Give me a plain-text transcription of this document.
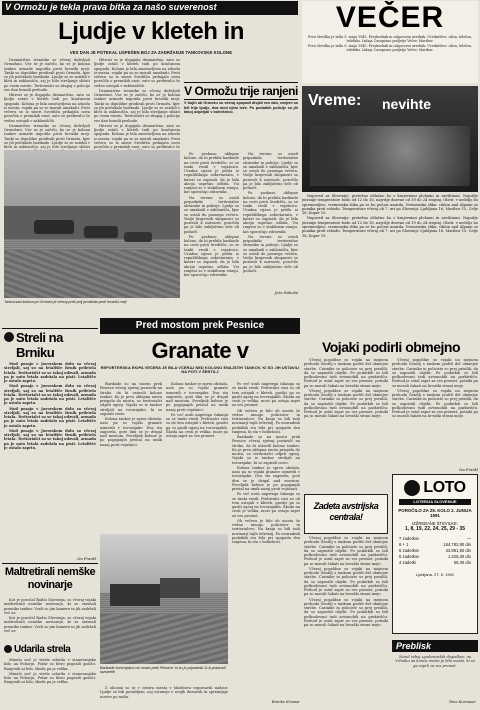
V Ormožu je tekla prava bitka za našo suverenost
Ljudje v kleteh in
VES DAN JE POTEKAL USPEŠEN BOJ ZA ZADRŽANJE TANKOVSKE KOLONE

Dramatične trenutke so včeraj doživljali Ormožani. Vse se je začelo, ko se je kolona tankov armade napotila proti hrvaški meji. Tanki so dopoldne prodirali proti Ormožu, kjer so jih pričakale barikade. Ljudje so se zatekli v kleti in zaklonišča, saj je bilo streljanje slišati po vsem mestu. Teritorialci so skupaj s policijo ves dan branili prehode.

Hitrost se je dogajala dramatično, zato so ljudje ostali v kleteh tudi po končanem spopadu. Kolona je bila zaustavljena na izhodu iz mesta, vojaki pa so se morali umakniti. Proti večeru so iz smeri Središča prihajala nova poročila o premikih enot, zato so prebivalci še vedno ostajali v zakloniščih.

Dramatične trenutke so včeraj doživljali Ormožani. Vse se je začelo, ko se je kolona tankov armade napotila proti hrvaški meji. Tanki so dopoldne prodirali proti Ormožu, kjer so jih pričakale barikade. Ljudje so se zatekli v kleti in zaklonišča, saj je bilo streljanje slišati

Hitrost se je dogajala dramatično, zato so ljudje ostali v kleteh tudi po končanem spopadu. Kolona je bila zaustavljena na izhodu iz mesta, vojaki pa so se morali umakniti. Proti večeru so iz smeri Središča prihajala nova poročila o premikih enot, zato so prebivalci še vedno ostajali v zakloniščih.

Dramatične trenutke so včeraj doživljali Ormožani. Vse se je začelo, ko se je kolona tankov armade napotila proti hrvaški meji. Tanki so dopoldne prodirali proti Ormožu, kjer so jih pričakale barikade. Ljudje so se zatekli v kleti in zaklonišča, saj je bilo streljanje slišati po vsem mestu. Teritorialci so skupaj s policijo ves dan branili prehode.

Hitrost se je dogajala dramatično, zato so ljudje ostali v kleteh tudi po končanem spopadu. Kolona je bila zaustavljena na izhodu iz mesta, vojaki pa so se morali umakniti. Proti večeru so iz smeri Središča prihajala nova poročila o premikih enot, zato so prebivalci še

V Ormožu trije ranjeni
V bojih ob Ormožu so včeraj spopadi divjali ves dan, ranjeni so bili trije ljudje, dva med njimi teže. Po podatkih policije so jih takoj odpeljali v bolnišnico.

Po poskusu oklepne kolone, da bi prebila barikade na cesti proti Središču, so se tanki vrnili v vojašnico. Uradna izjava je prišla iz republiškega sekretariata, v kateri so zapisali, da je bila akcija uspešno odbita. Vsi ranjeni so v stabilnem stanju, kot sporočajo zdravniki.

Na terenu so ostali pripadniki teritorialne obrambe in policije. Ljudje so se umaknili v zaklonišča, kjer so ostali do poznega večera. Vodje krajevnih skupnosti so pozivali k mirnosti, poročilo pa je bilo zaključeno šele ob polnoči.

Po poskusu oklepne kolone, da bi prebila barikade na cesti proti Središču, so se tanki vrnili v vojašnico. Uradna izjava je prišla iz republiškega sekretariata, v kateri so zapisali, da je bila akcija uspešno odbita. Vsi ranjeni so v stabilnem stanju, kot sporočajo zdravniki.

Na terenu so ostali pripadniki teritorialne obrambe in policije. Ljudje so se umaknili v zaklonišča, kjer so ostali do poznega večera. Vodje krajevnih skupnosti so pozivali k mirnosti, poročilo pa je bilo zaključeno šele ob polnoči.

Po poskusu oklepne kolone, da bi prebila barikade na cesti proti Središču, so se tanki vrnili v vojašnico. Uradna izjava je prišla iz republiškega sekretariata, v kateri so zapisali, da je bila akcija uspešno odbita. Vsi ranjeni so v stabilnem stanju, kot sporočajo zdravniki.

Na terenu so ostali pripadniki teritorialne obrambe in policije. Ljudje so se umaknili v zaklonišča, kjer so ostali do poznega večera. Vodje krajevnih skupnosti so pozivali k mirnosti, poročilo pa je bilo zaključeno šele ob polnoči.

Jože Rakuša
Tankovska kolona pri Ormožu je včeraj prek polj prodirala proti hrvaški meji
VEČER

Prva številka je izšla 9. maja 1945. Predsednik in odgovorni urednik. Uredništvo: ulica, telefon, telefaks. Izdaja Časopisno podjetje Večer, Maribor.

Prva številka je izšla 9. maja 1945. Predsednik in odgovorni urednik. Uredništvo: ulica, telefon, telefaks. Izdaja Časopisno podjetje Večer, Maribor.

Vreme: nevihte

Napoved za Slovenijo: pretežno oblačno bo s krajevnimi plohami in nevihtami. Najnižje jutranje temperature bodo od 12 do 16, najvišje dnevne od 19 do 24 stopinj. Obeti: v nedeljo bo spremenljivo, vremenska slika pa se bo počasi umirila. Vremenska slika: ciklon nad Alpami se pomika proti vzhodu. Temperature včeraj ob 7. uri po Sloveniji: Ljubljana 16, Maribor 15, Celje 16, Koper 19.

Napoved za Slovenijo: pretežno oblačno bo s krajevnimi plohami in nevihtami. Najnižje jutranje temperature bodo od 12 do 16, najvišje dnevne od 19 do 24 stopinj. Obeti: v nedeljo bo spremenljivo, vremenska slika pa se bo počasi umirila. Vremenska slika: ciklon nad Alpami se pomika proti vzhodu. Temperature včeraj ob 7. uri po Sloveniji: Ljubljana 16, Maribor 15, Celje 16, Koper 19.

Streli na Brniku

Mod posajo v Jurovskem dolu so včeraj streljali, saj so na letališče Brnik priletela letala. Teritorialci so se takoj odzvali, armada pa je nato letala zadržala na pisti. Letališče je ostalo zaprto.

Mod posajo v Jurovskem dolu so včeraj streljali, saj so na letališče Brnik priletela letala. Teritorialci so se takoj odzvali, armada pa je nato letala zadržala na pisti. Letališče je ostalo zaprto.

Mod posajo v Jurovskem dolu so včeraj streljali, saj so na letališče Brnik priletela letala. Teritorialci so se takoj odzvali, armada pa je nato letala zadržala na pisti. Letališče je ostalo zaprto.

Mod posajo v Jurovskem dolu so včeraj streljali, saj so na letališče Brnik priletela letala. Teritorialci so se takoj odzvali, armada pa je nato letala zadržala na pisti. Letališče je ostalo zaprto.

Ivo Frankl
Maltretirali nemške novinarje

Kot je poročal Radio Slovenija, so včeraj vojaki maltretirali nemške novinarje, ki so snemali premike tankov. Vzeli so jim kamere in jih zadržali več ur.

Kot je poročal Radio Slovenija, so včeraj vojaki maltretirali nemške novinarje, ki so snemali premike tankov. Vzeli so jim kamere in jih zadržali več ur.

Udarila strela

Minulo noč je strela udarila v stanovanjsko hišo na Pohorju. Požar so hitro pogasili gasilci. Ranjenih ni bilo, škoda pa je velika.

Minulo noč je strela udarila v stanovanjsko hišo na Pohorju. Požar so hitro pogasili gasilci. Ranjenih ni bilo, škoda pa je velika.

Pred mostom prek Pesnice
Granate v
REPORTERSKA EKIPA VEČERA JE BILA VČERAJ NED KOLONO ENAJSTIH TANKOV, KI SO JIH USTAVILI NA POTI V ŠENTILJ

Barikade so na mostu prek Pesnice včeraj zjutraj postavili na široko, da bi ustavili kolono tankov. Ko je prva oklepna enota prispela do mosta, so teritorialci odprli ogenj. Vojaki so iz tankov streljali na tovornjake, ki so zapirali cesto.

Kolona tankov je sprva obstala, nato pa so vojaki granate usmerili v tovornjake. Dva sta zagorela, gost dim se je dvigal nad mostom. Poveljnik kolone je po pogajanjih pristal na umik nazaj proti vojašnici.

Kolona tankov je sprva obstala, nato pa so vojaki granate usmerili v tovornjake. Dva sta zagorela, gost dim se je dvigal nad mostom. Poveljnik kolone je po pogajanjih pristal na umik nazaj proti vojašnici.

Po več urah napetega čakanja so se tanki vrnili. Prebivalci vasi so ob tem ostajali v kleteh, gasilci pa so gasili ogenj na tovornjakih. Škoda na cesti je velika, most pa ostaja zaprt za ves promet.

Po več urah napetega čakanja so se tanki vrnili. Prebivalci vasi so ob tem ostajali v kleteh, gasilci pa so gasili ogenj na tovornjakih. Škoda na cesti je velika, most pa ostaja zaprt za ves promet.

Ob večeru je bilo ob mostu še vedno mnogo policistov in teritorialcev. Na kraju so bili tudi novinarji tujih televizij. Po neuradnih podatkih sta bila pri spopadu dva ranjena, ki sta v bolnišnici.

Barikade so na mostu prek Pesnice včeraj zjutraj postavili na široko, da bi ustavili kolono tankov. Ko je prva oklepna enota prispela do mosta, so teritorialci odprli ogenj. Vojaki so iz tankov streljali na tovornjake, ki so zapirali cesto.

Kolona tankov je sprva obstala, nato pa so vojaki granate usmerili v tovornjake. Dva sta zagorela, gost dim se je dvigal nad mostom. Poveljnik kolone je po pogajanjih pristal na umik nazaj proti vojašnici.

Po več urah napetega čakanja so se tanki vrnili. Prebivalci vasi so ob tem ostajali v kleteh, gasilci pa so gasili ogenj na tovornjakih. Škoda na cesti je velika, most pa ostaja zaprt za ves promet.

Ob večeru je bilo ob mostu še vedno mnogo policistov in teritorialcev. Na kraju so bili tudi novinarji tujih televizij. Po neuradnih podatkih sta bila pri spopadu dva ranjena, ki sta v bolnišnici.

Branko Kramar
Barikade tovornjakov na mostu prek Pesnice, ki so jo pripadniki JLA poskusili razstreliti

Z ulicami so se v centru mesta v Mariboru vzpostavili nadzor. Ljudje so bili povabljeni, naj ostanejo v svojih domovih in spremljajo novice po radiu.

Vojaki podirli obmejno

Včeraj popoldne so vojaki na mejnem prehodu Šentilj s tankom podrli del obmejne stavbe. Carinike in policiste so prej prisilili, da so zapustili objekt. Po podatkih so bili poškodovani tudi avtomobili na parkirišču. Prehod je ostal zaprt za ves promet, potniki pa so morali čakati na hrvaški strani meje.

Včeraj popoldne so vojaki na mejnem prehodu Šentilj s tankom podrli del obmejne stavbe. Carinike in policiste so prej prisilili, da so zapustili objekt. Po podatkih so bili poškodovani tudi avtomobili na parkirišču. Prehod je ostal zaprt za ves promet, potniki pa so morali čakati na hrvaški strani meje.

Včeraj popoldne so vojaki na mejnem prehodu Šentilj s tankom podrli del obmejne stavbe. Carinike in policiste so prej prisilili, da so zapustili objekt. Po podatkih so bili poškodovani tudi avtomobili na parkirišču. Prehod je ostal zaprt za ves promet, potniki pa so morali čakati na hrvaški strani meje.

Včeraj popoldne so vojaki na mejnem prehodu Šentilj s tankom podrli del obmejne stavbe. Carinike in policiste so prej prisilili, da so zapustili objekt. Po podatkih so bili poškodovani tudi avtomobili na parkirišču. Prehod je ostal zaprt za ves promet, potniki pa so morali čakati na hrvaški strani meje.

Ivo Frankl
Zadeta avstrijska centrala!

Včeraj popoldne so vojaki na mejnem prehodu Šentilj s tankom podrli del obmejne stavbe. Carinike in policiste so prej prisilili, da so zapustili objekt. Po podatkih so bili poškodovani tudi avtomobili na parkirišču. Prehod je ostal zaprt za ves promet, potniki pa so morali čakati na hrvaški strani meje.

Včeraj popoldne so vojaki na mejnem prehodu Šentilj s tankom podrli del obmejne stavbe. Carinike in policiste so prej prisilili, da so zapustili objekt. Po podatkih so bili poškodovani tudi avtomobili na parkirišču. Prehod je ostal zaprt za ves promet, potniki pa so morali čakati na hrvaški strani meje.

Včeraj popoldne so vojaki na mejnem prehodu Šentilj s tankom podrli del obmejne stavbe. Carinike in policiste so prej prisilili, da so zapustili objekt. Po podatkih so bili poškodovani tudi avtomobili na parkirišču. Prehod je ostal zaprt za ves promet, potniki pa so morali čakati na hrvaški strani meje.

LOTO
LOTERIJA SLOVENIJE
POROČILO ZA 25. KOLO 2. JUNIJA 1991
IZŽREBANE ŠTEVILKE:
1, 8, 19, 22, 24, 25, 29 - 35
7 zadetkov	—
6 + 1	164.782,90 din
6 zadetkov	43.881,50 din
5 zadetkov	1.426,30 din
4 zadetki	56,30 din
Ljubljana, 27. 6. 1991
Preblisk

Novel seboj zgodovinskih dogodkov: na Vrhniku na koncu mostu je bilo mesto, ki so ga zaprli za ves promet.

Tone Kurnauer
